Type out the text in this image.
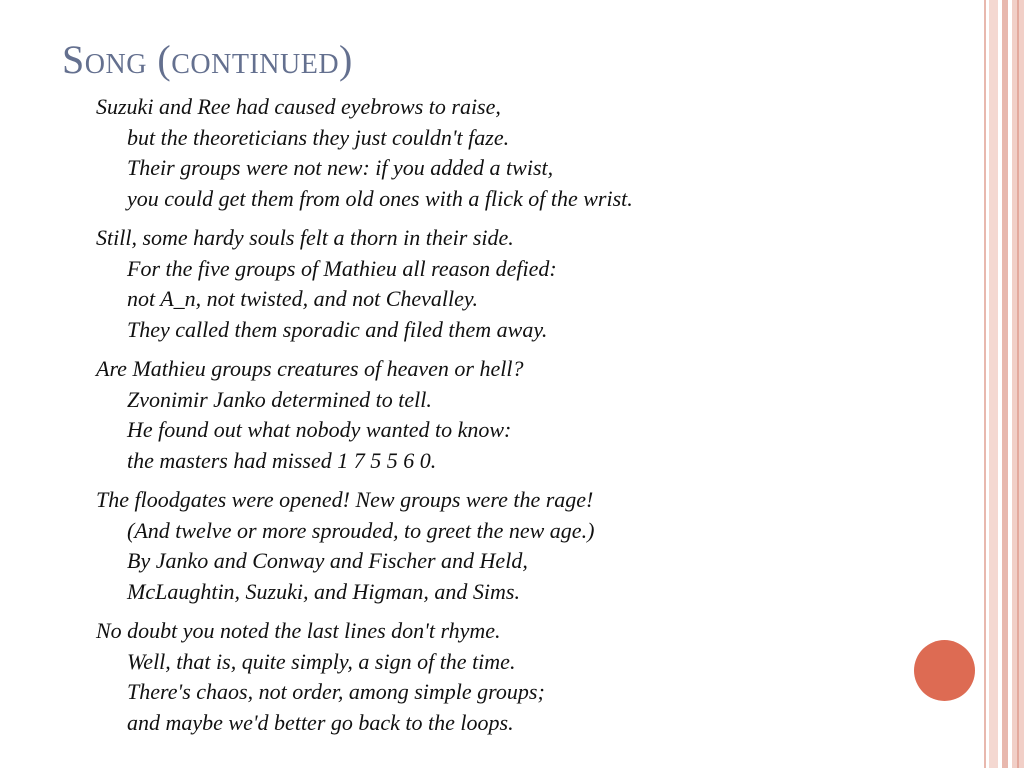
Song (continued)
Suzuki and Ree had caused eyebrows to raise,
but the theoreticians they just couldn't faze.
Their groups were not new: if you added a twist,
you could get them from old ones with a flick of the wrist.
Still, some hardy souls felt a thorn in their side.
For the five groups of Mathieu all reason defied:
not A_n, not twisted, and not Chevalley.
They called them sporadic and filed them away.
Are Mathieu groups creatures of heaven or hell?
Zvonimir Janko determined to tell.
He found out what nobody wanted to know:
the masters had missed 1 7 5 5 6 0.
The floodgates were opened! New groups were the rage!
(And twelve or more sprouded, to greet the new age.)
By Janko and Conway and Fischer and Held,
McLaughtin, Suzuki, and Higman, and Sims.
No doubt you noted the last lines don't rhyme.
Well, that is, quite simply, a sign of the time.
There's chaos, not order, among simple groups;
and maybe we'd better go back to the loops.
